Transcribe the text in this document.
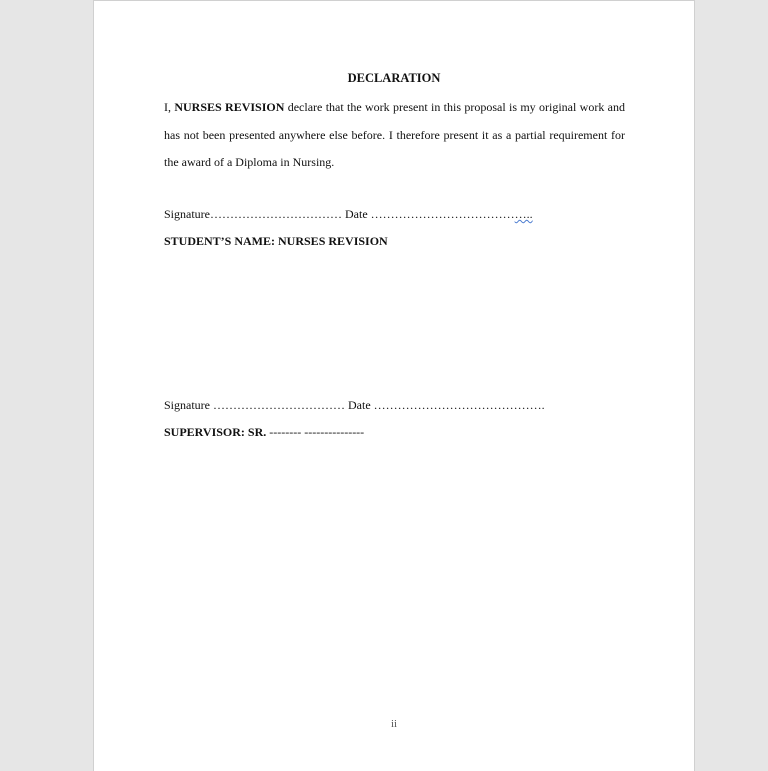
DECLARATION
I, NURSES REVISION declare that the work present in this proposal is my original work and has not been presented anywhere else before. I therefore present it as a partial requirement for the award of a Diploma in Nursing.
Signature…………………………… Date …………………………………..
STUDENT’S NAME: NURSES REVISION
Signature …………………………… Date …………………………………….
SUPERVISOR: SR. -------- ---------------
ii
